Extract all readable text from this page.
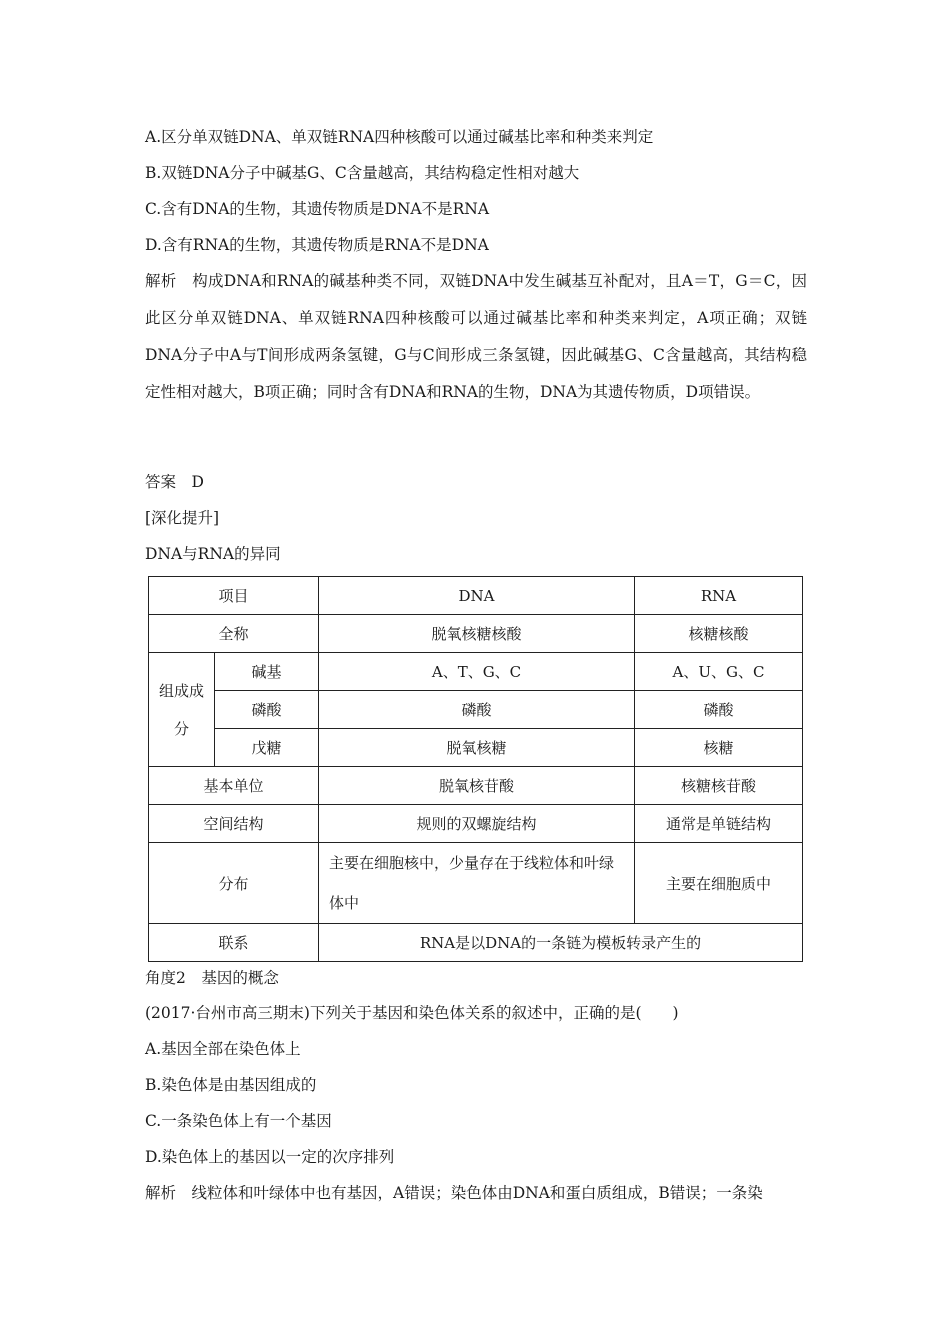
A.区分单双链DNA、单双链RNA四种核酸可以通过碱基比率和种类来判定
B.双链DNA分子中碱基G、C含量越高，其结构稳定性相对越大
C.含有DNA的生物，其遗传物质是DNA不是RNA
D.含有RNA的生物，其遗传物质是RNA不是DNA
解析　构成DNA和RNA的碱基种类不同，双链DNA中发生碱基互补配对，且A＝T，G＝C，因此区分单双链DNA、单双链RNA四种核酸可以通过碱基比率和种类来判定，A项正确；双链DNA分子中A与T间形成两条氢键，G与C间形成三条氢键，因此碱基G、C含量越高，其结构稳定性相对越大，B项正确；同时含有DNA和RNA的生物，DNA为其遗传物质，D项错误。
答案　D
[深化提升]
DNA与RNA的异同
项目		DNA	RNA
全称		脱氧核糖核酸	核糖核酸
组成成分	碱基	A、T、G、C	A、U、G、C
	磷酸	磷酸	磷酸
	戊糖	脱氧核糖	核糖
基本单位		脱氧核苷酸	核糖核苷酸
空间结构		规则的双螺旋结构	通常是单链结构
分布		主要在细胞核中，少量存在于线粒体和叶绿体中	主要在细胞质中
联系		RNA是以DNA的一条链为模板转录产生的	
角度2　基因的概念
(2017·台州市高三期末)下列关于基因和染色体关系的叙述中，正确的是(　　)
A.基因全部在染色体上
B.染色体是由基因组成的
C.一条染色体上有一个基因
D.染色体上的基因以一定的次序排列
解析　线粒体和叶绿体中也有基因，A错误；染色体由DNA和蛋白质组成，B错误；一条染
